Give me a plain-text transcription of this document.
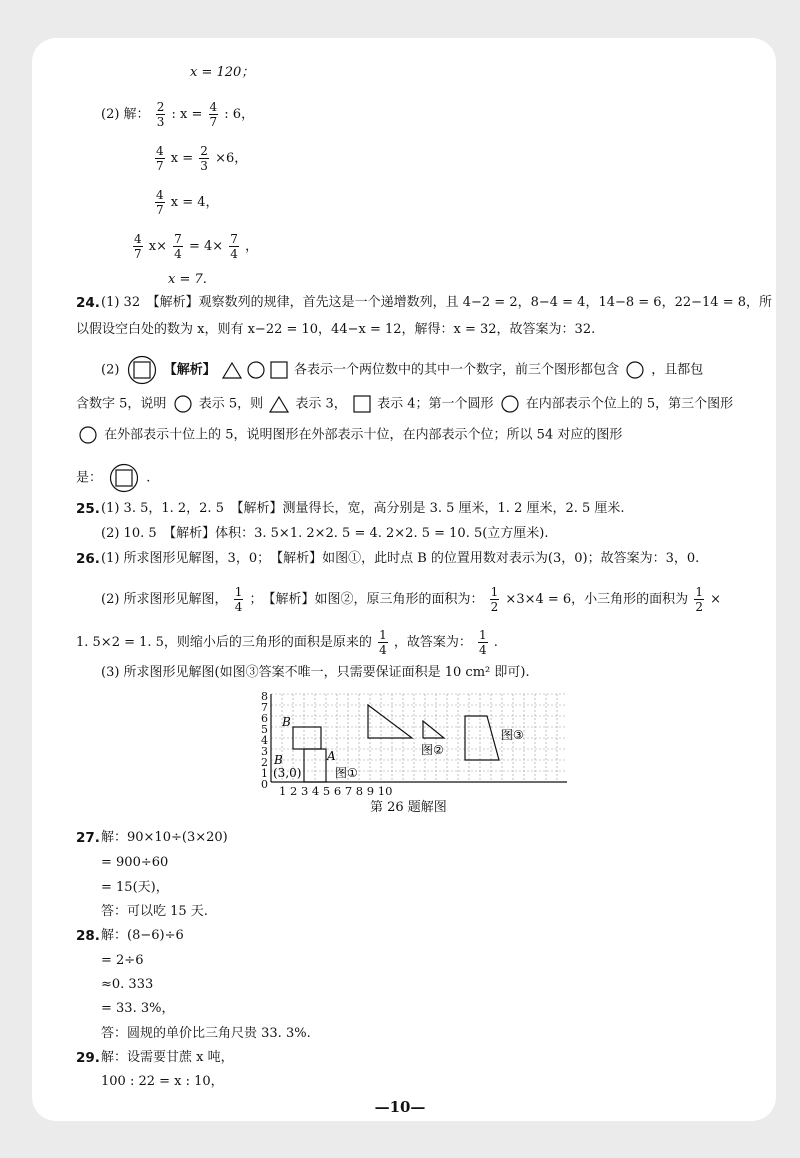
x = 120；
(2) 解： $\frac{2}{3}$ : $x = \frac{4}{7}$ : 6，
$\frac{4}{7}$ $x = \frac{2}{3} \times 6$，
$\frac{4}{7}$ x = 4，
$\frac{4}{7} x\times \frac{7}{4} = 4\times \frac{7}{4}$ ，
x = 7.
24. (1) 32　【解析】观察数列的规律，首先这是一个递增数列，且 4−2 = 2，8−4 = 4，14−8 = 6，22−14 = 8，所
以假设空白处的数为 x，则有 x−22 = 10，44−x = 12，解得：x = 32，故答案为：32.
(2)	【解析】	各表示一个两位数中的其中一个数字，前三个图形都包含 ，且都包
含数字 5，说明 表示 5，则 表示 3， 表示 4；第一个圆形 在内部表示个位上的 5，第三个图形
在外部表示十位上的 5，说明图形在外部表示十位，在内部表示个位；所以 54 对应的图形
是：	.
25. (1) 3. 5，1. 2，2. 5　【解析】测量得长，宽，高分别是 3. 5 厘米，1. 2 厘米，2. 5 厘米.
(2) 10. 5　【解析】体积：3. 5×1. 2×2. 5 = 4. 2×2. 5 = 10. 5(立方厘米).
26. (1) 所求图形见解图，3，0；　【解析】如图①，此时点 B 的位置用数对表示为(3，0)；故答案为：3，0.
(2) 所求图形见解图， $\frac{1}{4}$ ；　【解析】如图②，原三角形的面积为： $\frac{1}{2} \times 3\times 4 = 6$，小三角形的面积为 $\frac{1}{2}$ ×
1. 5×2 = 1. 5，则缩小后的三角形的面积是原来的 $\frac{1}{4}$ ，故答案为： $\frac{1}{4}$ .
(3) 所求图形见解图(如图③答案不唯一，只需要保证面积是 10 cm² 即可).
8
7
6
5
4
3
2
1
0 1 2 3 4 5 6 7 8 9 10
B
B	A
(3,0)	图①
图②
图③
第 26 题解图
27. 解：90×10÷(3×20)
= 900÷60
= 15(天)，
答：可以吃 15 天.
28. 解：(8−6)÷6
= 2÷6
≈0. 333
= 33. 3%，
答：圆规的单价比三角尺贵 33. 3%.
29. 解：设需要甘蔗 x 吨，
100 : 22 = x : 10，
—10—
